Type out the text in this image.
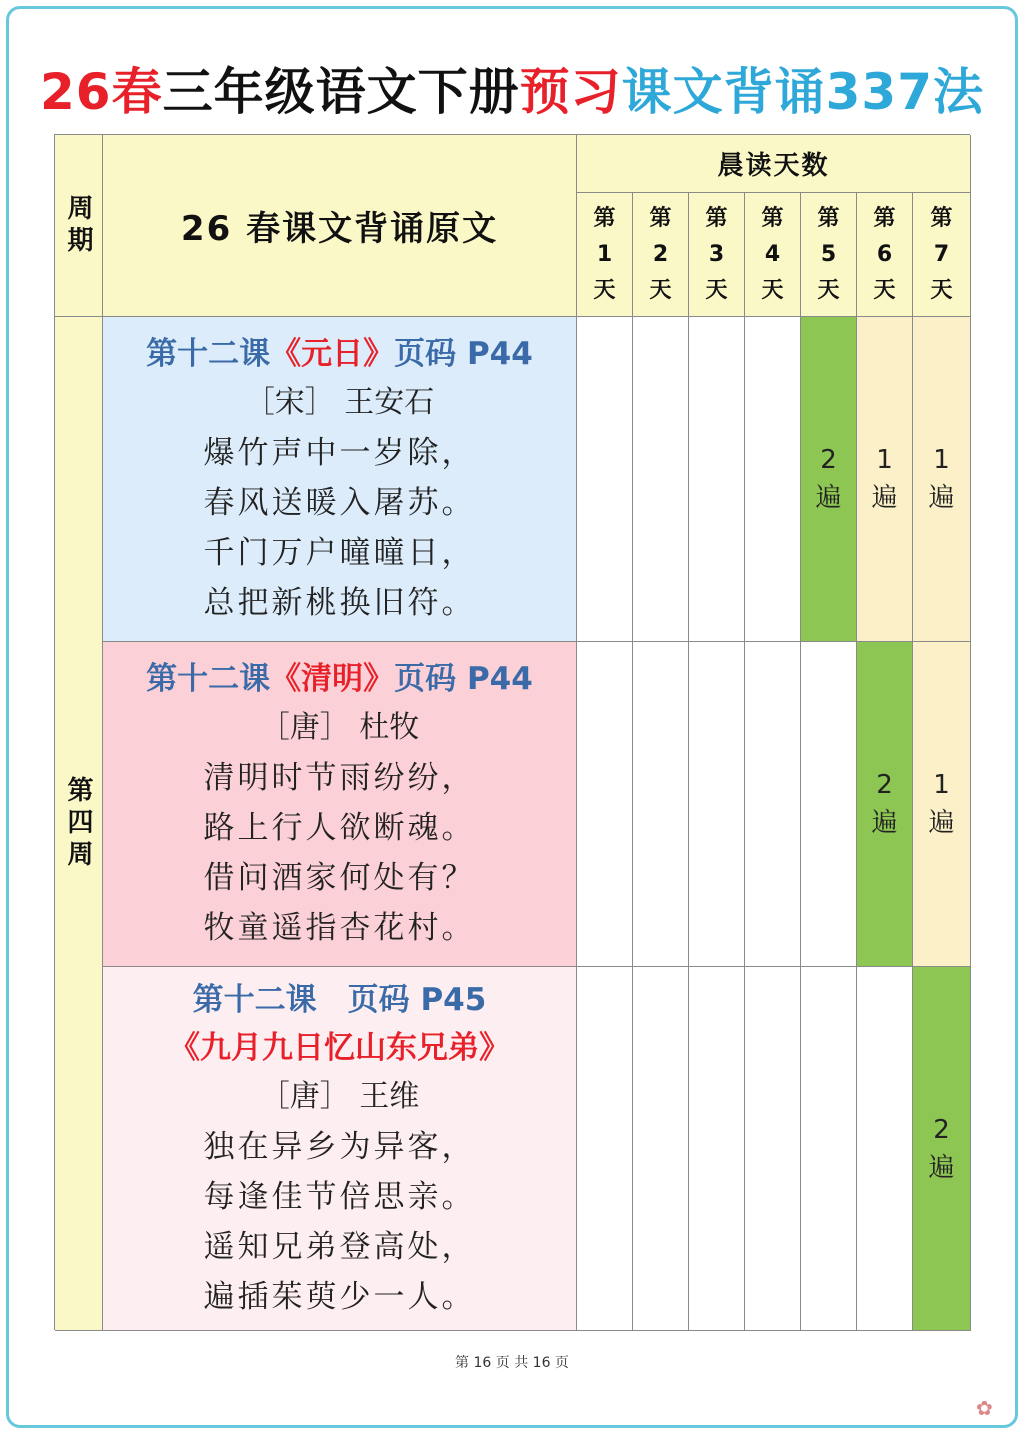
26春三年级语文下册预习课文背诵337法
周期	26 春课文背诵原文
晨读天数
第
1
天
第
2
天
第
3
天
第
4
天
第
5
天
第
6
天
第
7
天
第四周
第十二课《元日》页码 P44
［宋］ 王安石
爆竹声中一岁除，
春风送暖入屠苏。
千门万户曈曈日，
总把新桃换旧符。
2
遍
1
遍
1
遍
第十二课《清明》页码 P44
［唐］ 杜牧
清明时节雨纷纷，
路上行人欲断魂。
借问酒家何处有？
牧童遥指杏花村。
2
遍
1
遍
第十二课　页码 P45
《九月九日忆山东兄弟》
［唐］ 王维
独在异乡为异客，
每逢佳节倍思亲。
遥知兄弟登高处，
遍插茱萸少一人。
2
遍
第 16 页 共 16 页
✿
